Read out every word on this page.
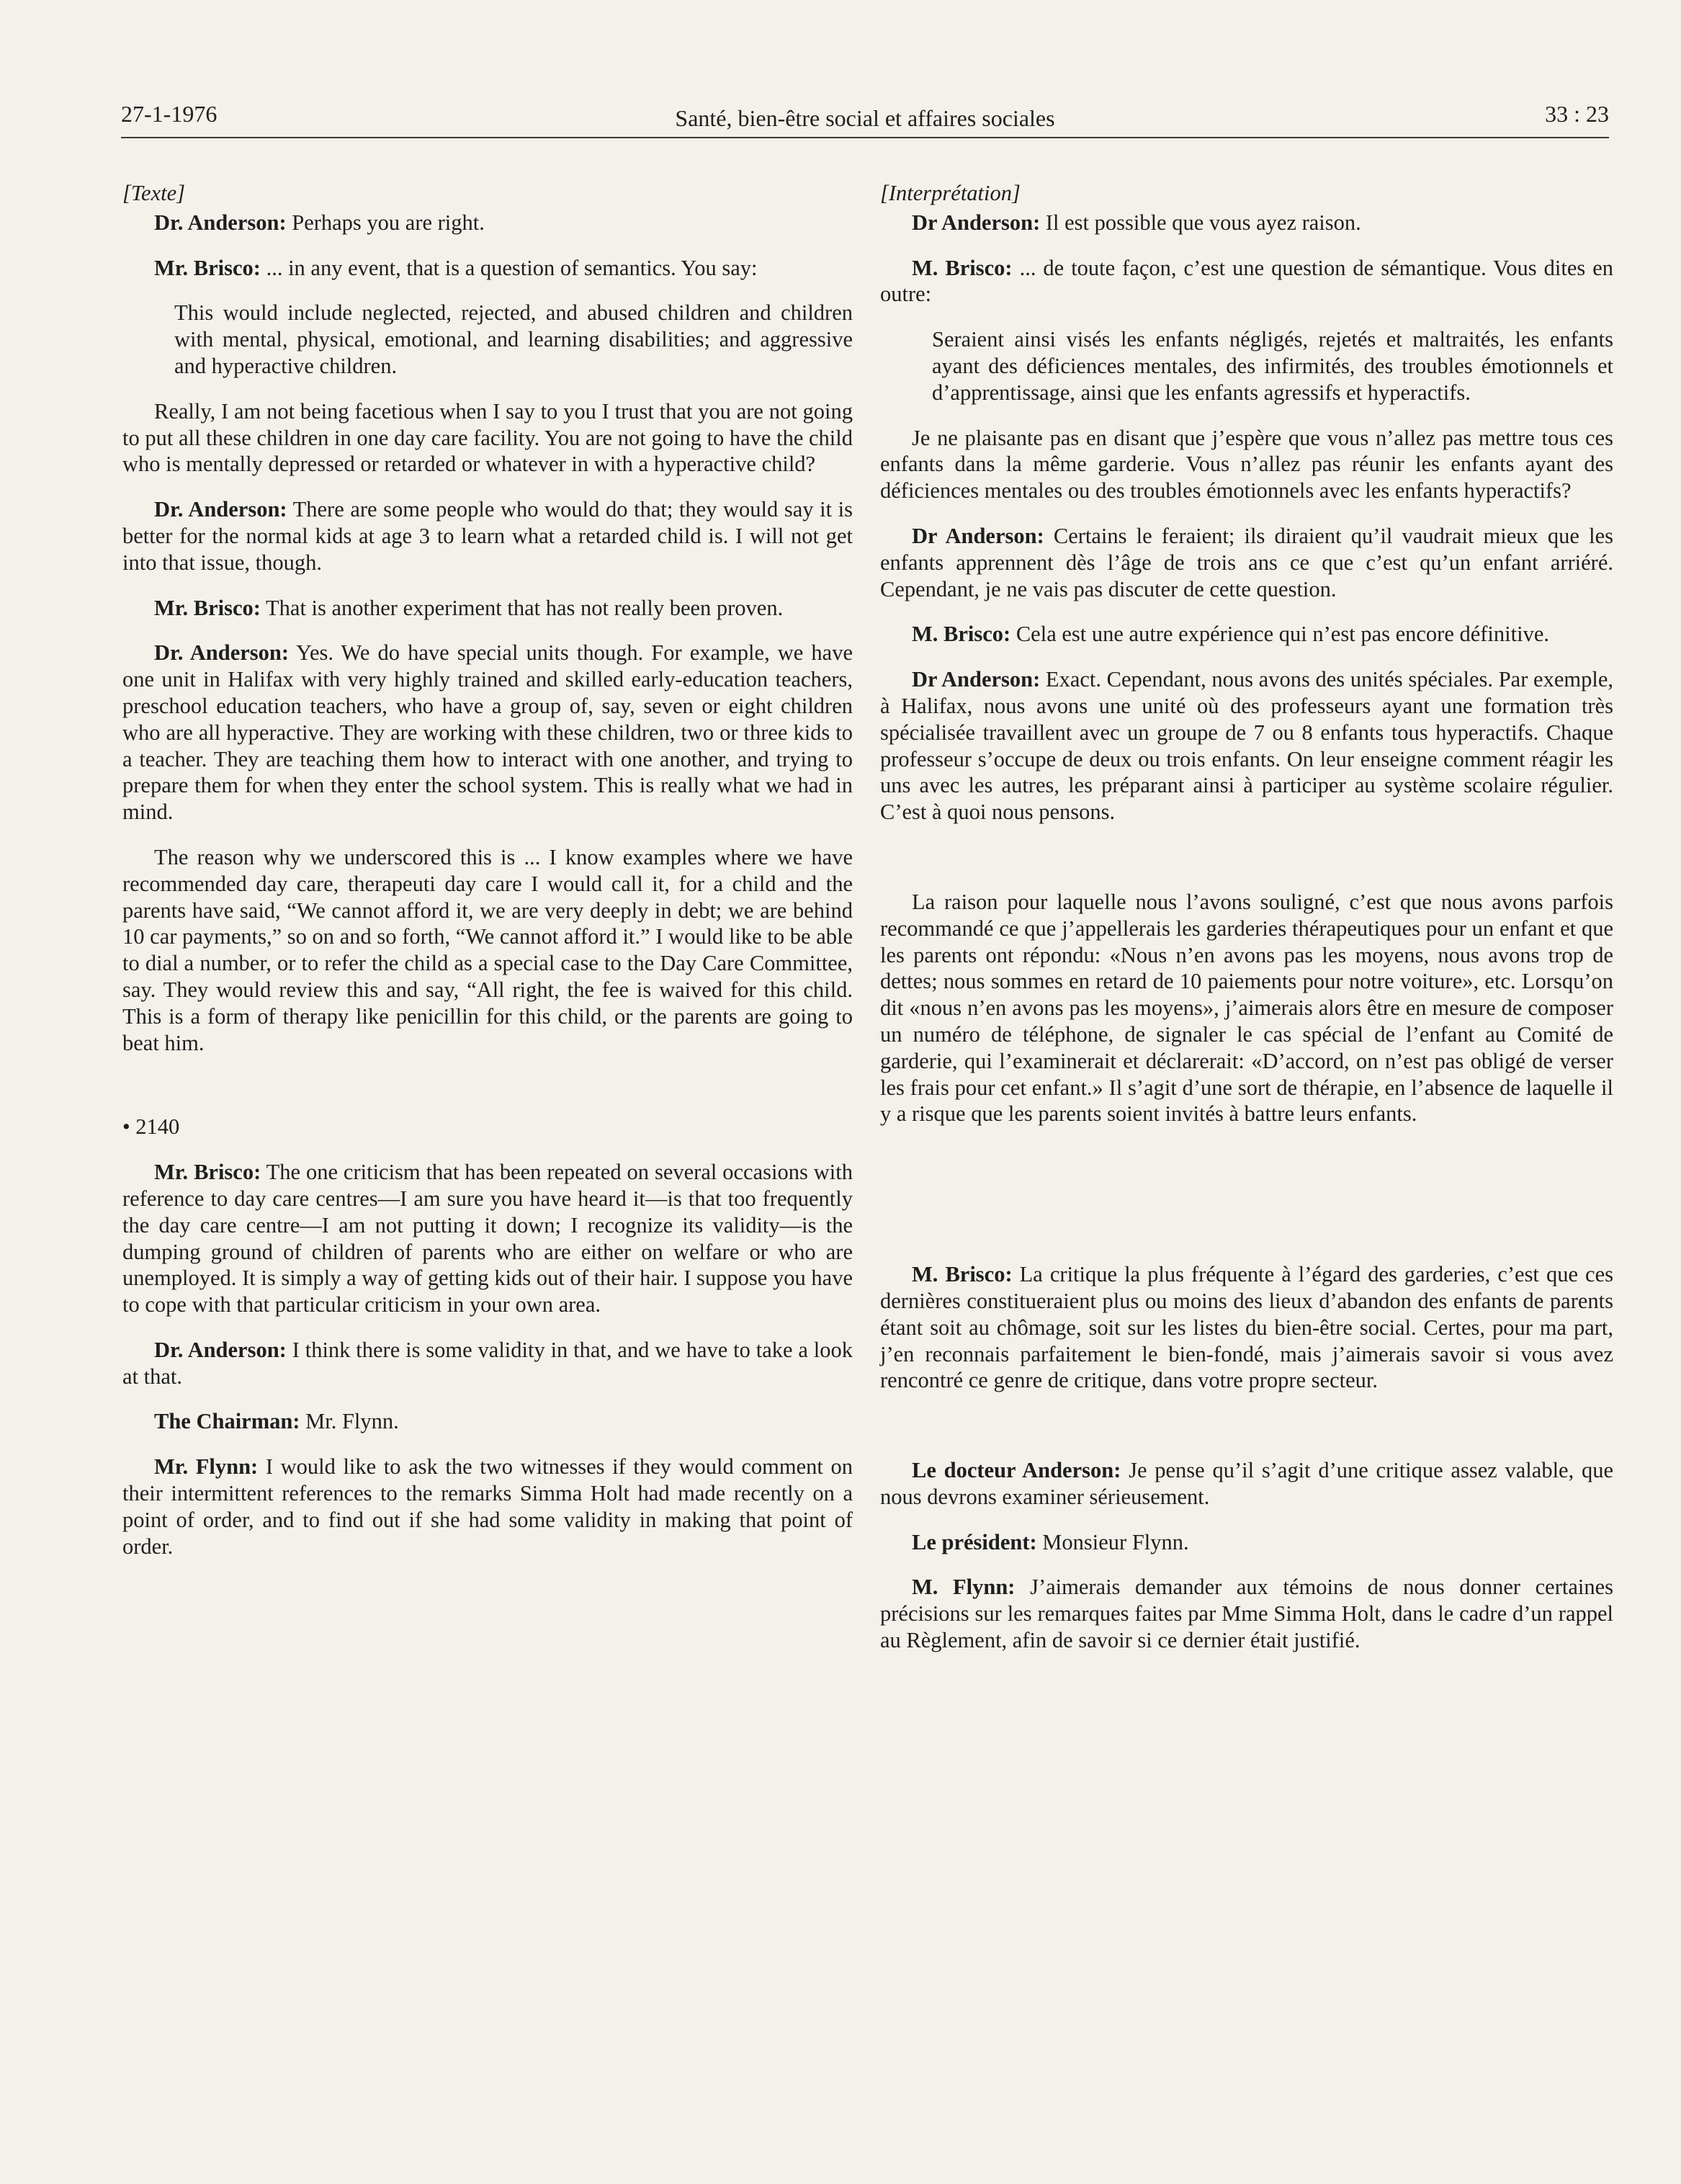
27-1-1976	Santé, bien-être social et affaires sociales	33 : 23

[Texte]

Dr. Anderson: Perhaps you are right.

Mr. Brisco: ... in any event, that is a question of semantics. You say:

This would include neglected, rejected, and abused children and children with mental, physical, emotional, and learning disabilities; and aggressive and hyperactive children.

Really, I am not being facetious when I say to you I trust that you are not going to put all these children in one day care facility. You are not going to have the child who is mentally depressed or retarded or whatever in with a hyperactive child?

Dr. Anderson: There are some people who would do that; they would say it is better for the normal kids at age 3 to learn what a retarded child is. I will not get into that issue, though.

Mr. Brisco: That is another experiment that has not really been proven.

Dr. Anderson: Yes. We do have special units though. For example, we have one unit in Halifax with very highly trained and skilled early-education teachers, preschool education teachers, who have a group of, say, seven or eight children who are all hyperactive. They are working with these children, two or three kids to a teacher. They are teaching them how to interact with one another, and trying to prepare them for when they enter the school system. This is really what we had in mind.

The reason why we underscored this is ... I know examples where we have recommended day care, therapeuti day care I would call it, for a child and the parents have said, “We cannot afford it, we are very deeply in debt; we are behind 10 car payments,” so on and so forth, “We cannot afford it.” I would like to be able to dial a number, or to refer the child as a special case to the Day Care Committee, say. They would review this and say, “All right, the fee is waived for this child. This is a form of therapy like penicillin for this child, or the parents are going to beat him.

• 2140

Mr. Brisco: The one criticism that has been repeated on several occasions with reference to day care centres—I am sure you have heard it—is that too frequently the day care centre—I am not putting it down; I recognize its validity—is the dumping ground of children of parents who are either on welfare or who are unemployed. It is simply a way of getting kids out of their hair. I suppose you have to cope with that particular criticism in your own area.

Dr. Anderson: I think there is some validity in that, and we have to take a look at that.

The Chairman: Mr. Flynn.

Mr. Flynn: I would like to ask the two witnesses if they would comment on their intermittent references to the remarks Simma Holt had made recently on a point of order, and to find out if she had some validity in making that point of order.

[Interprétation]

Dr Anderson: Il est possible que vous ayez raison.

M. Brisco: ... de toute façon, c’est une question de sémantique. Vous dites en outre:

Seraient ainsi visés les enfants négligés, rejetés et maltraités, les enfants ayant des déficiences mentales, des infirmités, des troubles émotionnels et d’apprentissage, ainsi que les enfants agressifs et hyperactifs.

Je ne plaisante pas en disant que j’espère que vous n’allez pas mettre tous ces enfants dans la même garderie. Vous n’allez pas réunir les enfants ayant des déficiences mentales ou des troubles émotionnels avec les enfants hyperactifs?

Dr Anderson: Certains le feraient; ils diraient qu’il vaudrait mieux que les enfants apprennent dès l’âge de trois ans ce que c’est qu’un enfant arriéré. Cependant, je ne vais pas discuter de cette question.

M. Brisco: Cela est une autre expérience qui n’est pas encore définitive.

Dr Anderson: Exact. Cependant, nous avons des unités spéciales. Par exemple, à Halifax, nous avons une unité où des professeurs ayant une formation très spécialisée travaillent avec un groupe de 7 ou 8 enfants tous hyperactifs. Chaque professeur s’occupe de deux ou trois enfants. On leur enseigne comment réagir les uns avec les autres, les préparant ainsi à participer au système scolaire régulier. C’est à quoi nous pensons.

La raison pour laquelle nous l’avons souligné, c’est que nous avons parfois recommandé ce que j’appellerais les garderies thérapeutiques pour un enfant et que les parents ont répondu: «Nous n’en avons pas les moyens, nous avons trop de dettes; nous sommes en retard de 10 paiements pour notre voiture», etc. Lorsqu’on dit «nous n’en avons pas les moyens», j’aimerais alors être en mesure de composer un numéro de téléphone, de signaler le cas spécial de l’enfant au Comité de garderie, qui l’examinerait et déclarerait: «D’accord, on n’est pas obligé de verser les frais pour cet enfant.» Il s’agit d’une sort de thérapie, en l’absence de laquelle il y a risque que les parents soient invités à battre leurs enfants.

M. Brisco: La critique la plus fréquente à l’égard des garderies, c’est que ces dernières constitueraient plus ou moins des lieux d’abandon des enfants de parents étant soit au chômage, soit sur les listes du bien-être social. Certes, pour ma part, j’en reconnais parfaitement le bien-fondé, mais j’aimerais savoir si vous avez rencontré ce genre de critique, dans votre propre secteur.

Le docteur Anderson: Je pense qu’il s’agit d’une critique assez valable, que nous devrons examiner sérieusement.

Le président: Monsieur Flynn.

M. Flynn: J’aimerais demander aux témoins de nous donner certaines précisions sur les remarques faites par Mme Simma Holt, dans le cadre d’un rappel au Règlement, afin de savoir si ce dernier était justifié.
